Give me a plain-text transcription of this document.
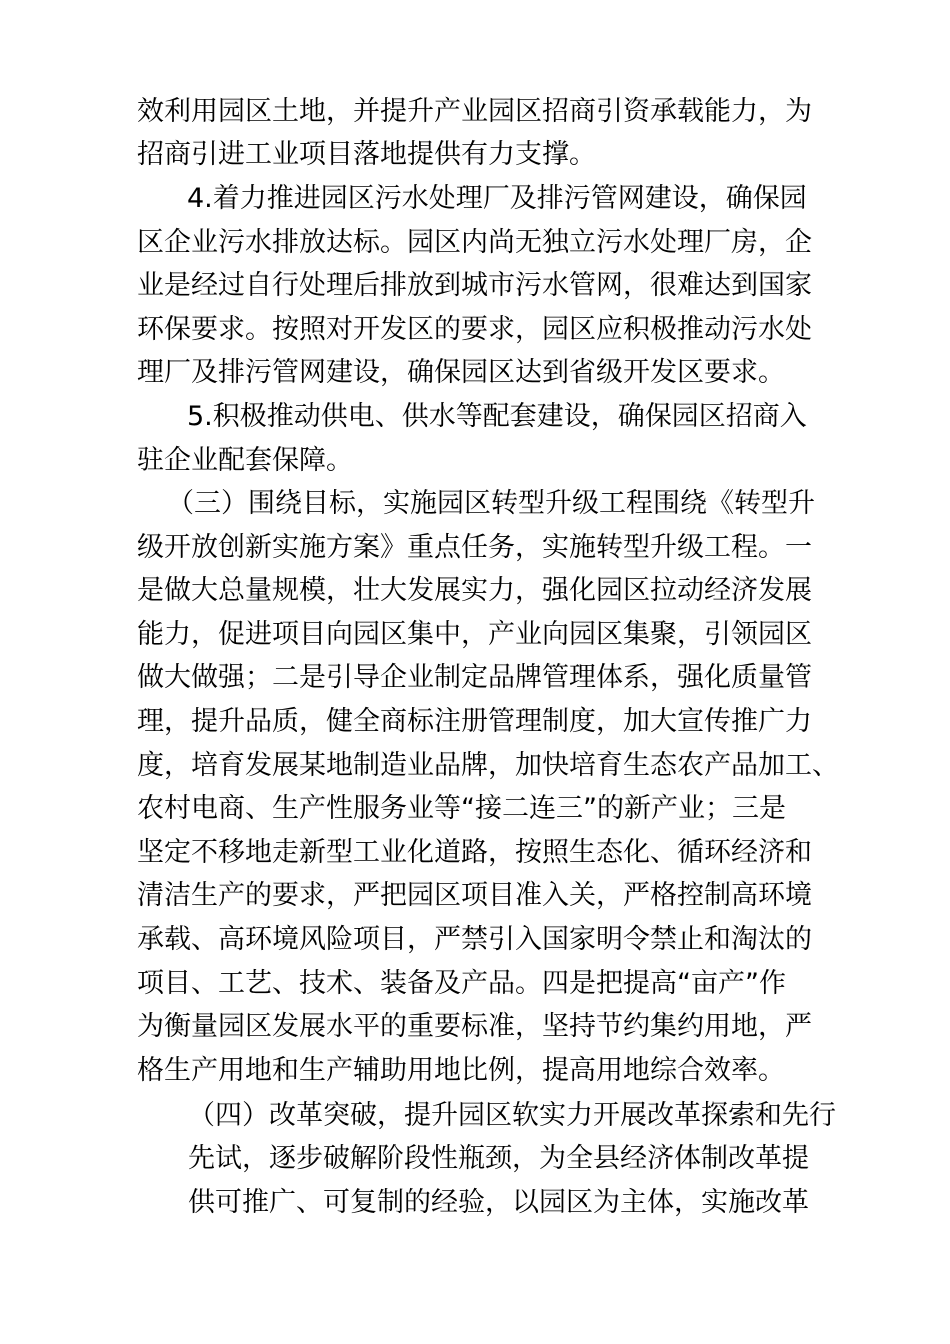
效利用园区土地，并提升产业园区招商引资承载能力，为

招商引进工业项目落地提供有力支撑。

4.着力推进园区污水处理厂及排污管网建设，确保园

区企业污水排放达标。园区内尚无独立污水处理厂房，企

业是经过自行处理后排放到城市污水管网，很难达到国家

环保要求。按照对开发区的要求，园区应积极推动污水处

理厂及排污管网建设，确保园区达到省级开发区要求。

5.积极推动供电、供水等配套建设，确保园区招商入

驻企业配套保障。

（三）围绕目标，实施园区转型升级工程围绕《转型升

级开放创新实施方案》重点任务，实施转型升级工程。一

是做大总量规模，壮大发展实力，强化园区拉动经济发展

能力，促进项目向园区集中，产业向园区集聚，引领园区

做大做强；二是引导企业制定品牌管理体系，强化质量管

理，提升品质，健全商标注册管理制度，加大宣传推广力

度，培育发展某地制造业品牌，加快培育生态农产品加工、

农村电商、生产性服务业等“接二连三”的新产业；三是

坚定不移地走新型工业化道路，按照生态化、循环经济和

清洁生产的要求，严把园区项目准入关，严格控制高环境

承载、高环境风险项目，严禁引入国家明令禁止和淘汰的

项目、工艺、技术、装备及产品。四是把提高“亩产”作

为衡量园区发展水平的重要标准，坚持节约集约用地，严

格生产用地和生产辅助用地比例，提高用地综合效率。

（四）改革突破，提升园区软实力开展改革探索和先行

先试，逐步破解阶段性瓶颈，为全县经济体制改革提

供可推广、可复制的经验，以园区为主体，实施改革
